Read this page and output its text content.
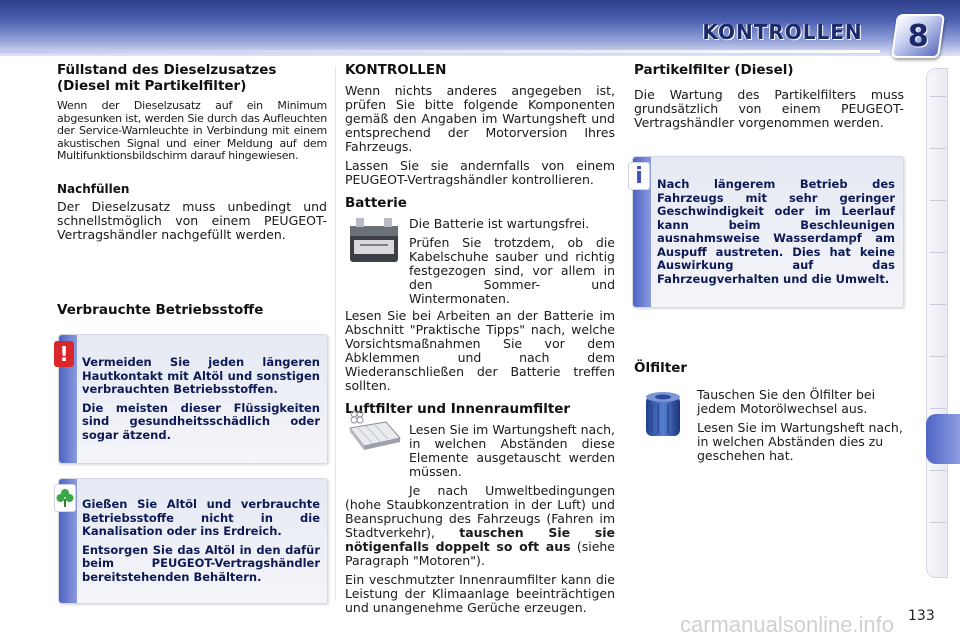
KONTROLLEN 8
Füllstand des Dieselzusatzes (Diesel mit Partikelfilter)

Wenn der Dieselzusatz auf ein Minimum abgesunken ist, werden Sie durch das Aufleuchten der Service-Warnleuchte in Verbindung mit einem akustischen Signal und einer Meldung auf dem Multifunktionsbildschirm darauf hingewiesen.

Nachfüllen

Der Dieselzusatz muss unbedingt und schnellstmöglich von einem PEUGEOT-Vertragshändler nachgefüllt werden.

Verbrauchte Betriebsstoffe
!	Vermeiden Sie jeden längeren Hautkontakt mit Altöl und sonstigen verbrauchten Betriebsstoffen.

Die meisten dieser Flüssigkeiten sind gesundheitsschädlich oder sogar ätzend.

Gießen Sie Altöl und verbrauchte Betriebsstoffe nicht in die Kanalisation oder ins Erdreich.

Entsorgen Sie das Altöl in den dafür beim PEUGEOT-Vertragshändler bereitstehenden Behältern.

KONTROLLEN

Wenn nichts anderes angegeben ist, prüfen Sie bitte folgende Komponenten gemäß den Angaben im Wartungsheft und entsprechend der Motorversion Ihres Fahrzeugs.

Lassen Sie sie andernfalls von einem PEUGEOT-Vertragshändler kontrollieren.

Batterie

Die Batterie ist wartungsfrei.

Prüfen Sie trotzdem, ob die Kabelschuhe sauber und richtig festgezogen sind, vor allem in den Sommer- und Wintermonaten.

Lesen Sie bei Arbeiten an der Batterie im Abschnitt "Praktische Tipps" nach, welche Vorsichtsmaßnahmen Sie vor dem Abklemmen und nach dem Wiederanschließen der Batterie treffen sollten.

Luftfilter und Innenraumfilter

Lesen Sie im Wartungsheft nach, in welchen Abständen diese Elemente ausgetauscht werden müssen.

Je nach Umweltbedingungen (hohe Staubkonzentration in der Luft) und Beanspruchung des Fahrzeugs (Fahren im Stadtverkehr), tauschen Sie sie nötigenfalls doppelt so oft aus (siehe Paragraph "Motoren").

Ein veschmutzter Innenraumfilter kann die Leistung der Klimaanlage beeinträchtigen und unangenehme Gerüche erzeugen.

Partikelfilter (Diesel)

Die Wartung des Partikelfilters muss grundsätzlich von einem PEUGEOT-Vertragshändler vorgenommen werden.

i	Nach längerem Betrieb des Fahrzeugs mit sehr geringer Geschwindigkeit oder im Leerlauf kann beim Beschleunigen ausnahmsweise Wasserdampf am Auspuff austreten. Dies hat keine Auswirkung auf das Fahrzeugverhalten und die Umwelt.
Ölfilter

Tauschen Sie den Ölfilter bei jedem Motorölwechsel aus.

Lesen Sie im Wartungsheft nach, in welchen Abständen dies zu geschehen hat.

carmanualsonline.info 133
